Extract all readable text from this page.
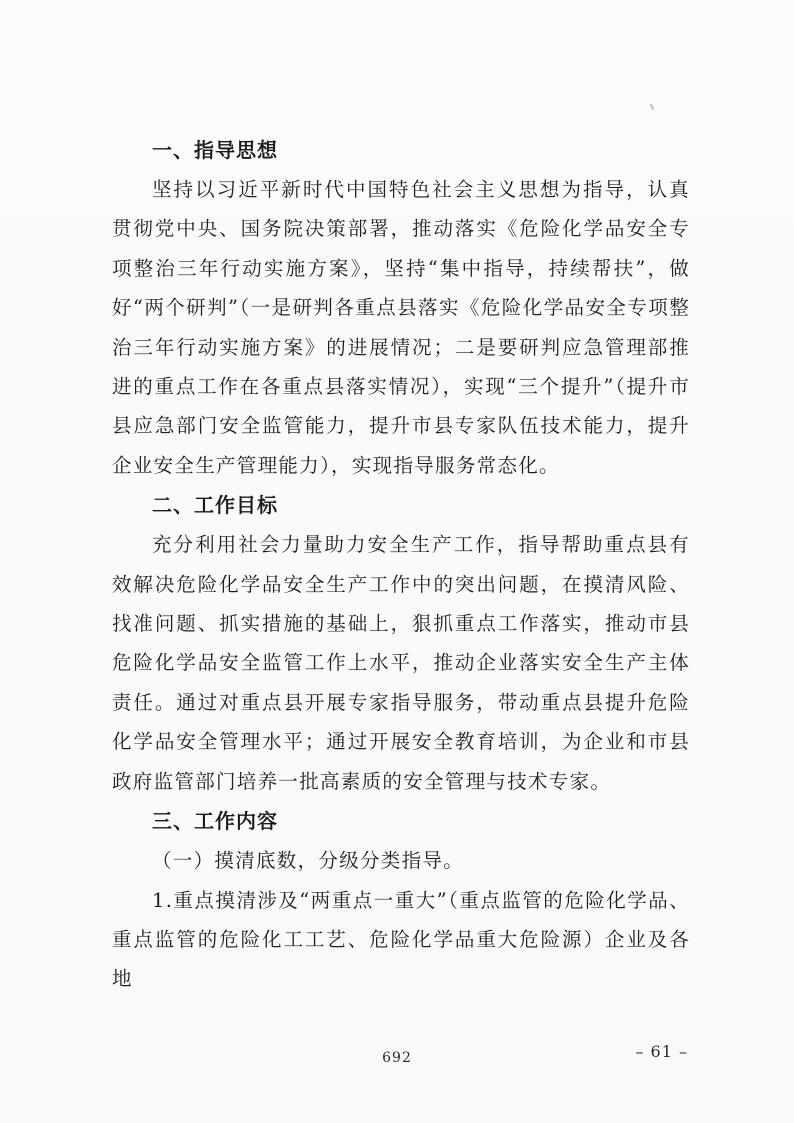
一、指导思想

坚持以习近平新时代中国特色社会主义思想为指导，认真贯彻党中央、国务院决策部署，推动落实《危险化学品安全专项整治三年行动实施方案》，坚持“集中指导，持续帮扶”，做好“两个研判”（一是研判各重点县落实《危险化学品安全专项整治三年行动实施方案》的进展情况；二是要研判应急管理部推进的重点工作在各重点县落实情况），实现“三个提升”（提升市县应急部门安全监管能力，提升市县专家队伍技术能力，提升企业安全生产管理能力），实现指导服务常态化。

二、工作目标

充分利用社会力量助力安全生产工作，指导帮助重点县有效解决危险化学品安全生产工作中的突出问题，在摸清风险、找准问题、抓实措施的基础上，狠抓重点工作落实，推动市县危险化学品安全监管工作上水平，推动企业落实安全生产主体责任。通过对重点县开展专家指导服务，带动重点县提升危险化学品安全管理水平；通过开展安全教育培训，为企业和市县政府监管部门培养一批高素质的安全管理与技术专家。

三、工作内容

（一）摸清底数，分级分类指导。

1.重点摸清涉及“两重点一重大”（重点监管的危险化学品、重点监管的危险化工工艺、危险化学品重大危险源）企业及各地

692	– 61 –
